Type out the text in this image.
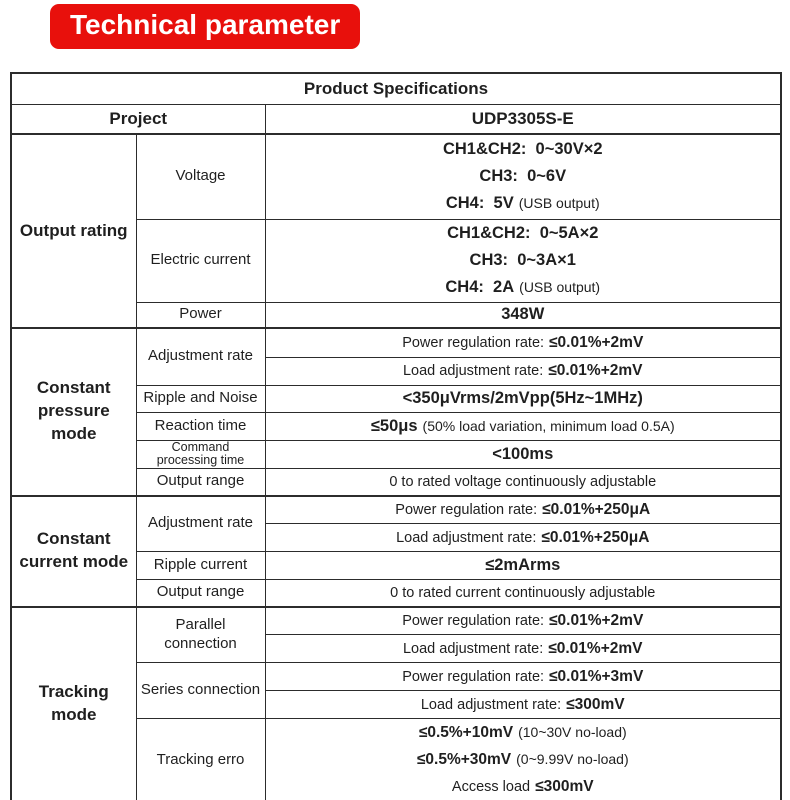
Technical parameter
Product Specifications		
Project		UDP3305S-E
Output rating	Voltage	CH1&CH2:  0~30V×2
CH3:  0~6V
CH4:  5V (USB output)

	Electric current	CH1&CH2:  0~5A×2
CH3:  0~3A×1
CH4:  2A (USB output)

	Power	348W
Constant pressure mode	Adjustment rate	Power regulation rate: ≤0.01%+2mV
		Load adjustment rate: ≤0.01%+2mV
	Ripple and Noise	<350μVrms/2mVpp(5Hz~1MHz)
	Reaction time	≤50μs (50% load variation, minimum load 0.5A)
	Command processing time	<100ms
	Output range	0 to rated voltage continuously adjustable
Constant current mode	Adjustment rate	Power regulation rate: ≤0.01%+250μA
		Load adjustment rate: ≤0.01%+250μA
	Ripple current	≤2mArms
	Output range	0 to rated current continuously adjustable
Tracking mode	Parallel connection	Power regulation rate: ≤0.01%+2mV
		Load adjustment rate: ≤0.01%+2mV
	Series connection	Power regulation rate: ≤0.01%+3mV
		Load adjustment rate: ≤300mV
	Tracking erro	≤0.5%+10mV (10~30V no-load)
≤0.5%+30mV (0~9.99V no-load)
Access load ≤300mV
